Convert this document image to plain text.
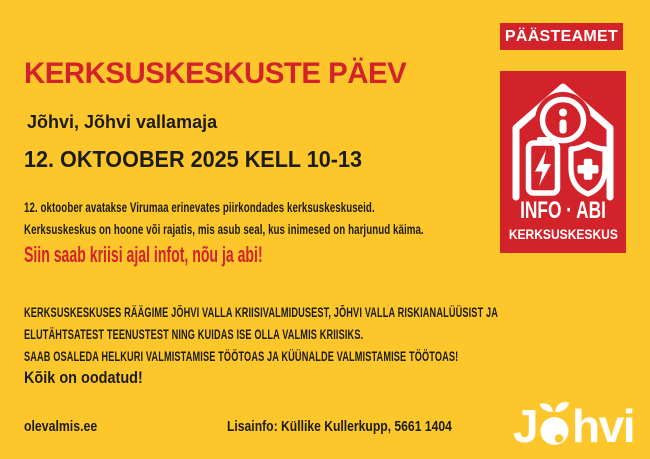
PÄÄSTEAMET
KERKSUSKESKUSTE PÄEV
Jõhvi, Jõhvi vallamaja
12. OKTOOBER 2025 KELL 10-13
12. oktoober avatakse Virumaa erinevates piirkondades kerksuskeskuseid.
Kerksuskeskus on hoone või rajatis, mis asub seal, kus inimesed on harjunud käima.
Siin saab kriisi ajal infot, nõu ja abi!
KERKSUSKESKUSES RÄÄGIME JÕHVI VALLA KRIISIVALMIDUSEST, JÕHVI VALLA RISKIANALÜÜSIST JA
ELUTÄHTSATEST TEENUSTEST NING KUIDAS ISE OLLA VALMIS KRIISIKS.
SAAB OSALEDA HELKURI VALMISTAMISE TÖÖTOAS JA KÜÜNALDE VALMISTAMISE TÖÖTOAS!
Kõik on oodatud!
olevalmis.ee	Lisainfo: Küllike Kullerkupp, 5661 1404
INFO · ABI
KERKSUSKESKUS
J hvi
